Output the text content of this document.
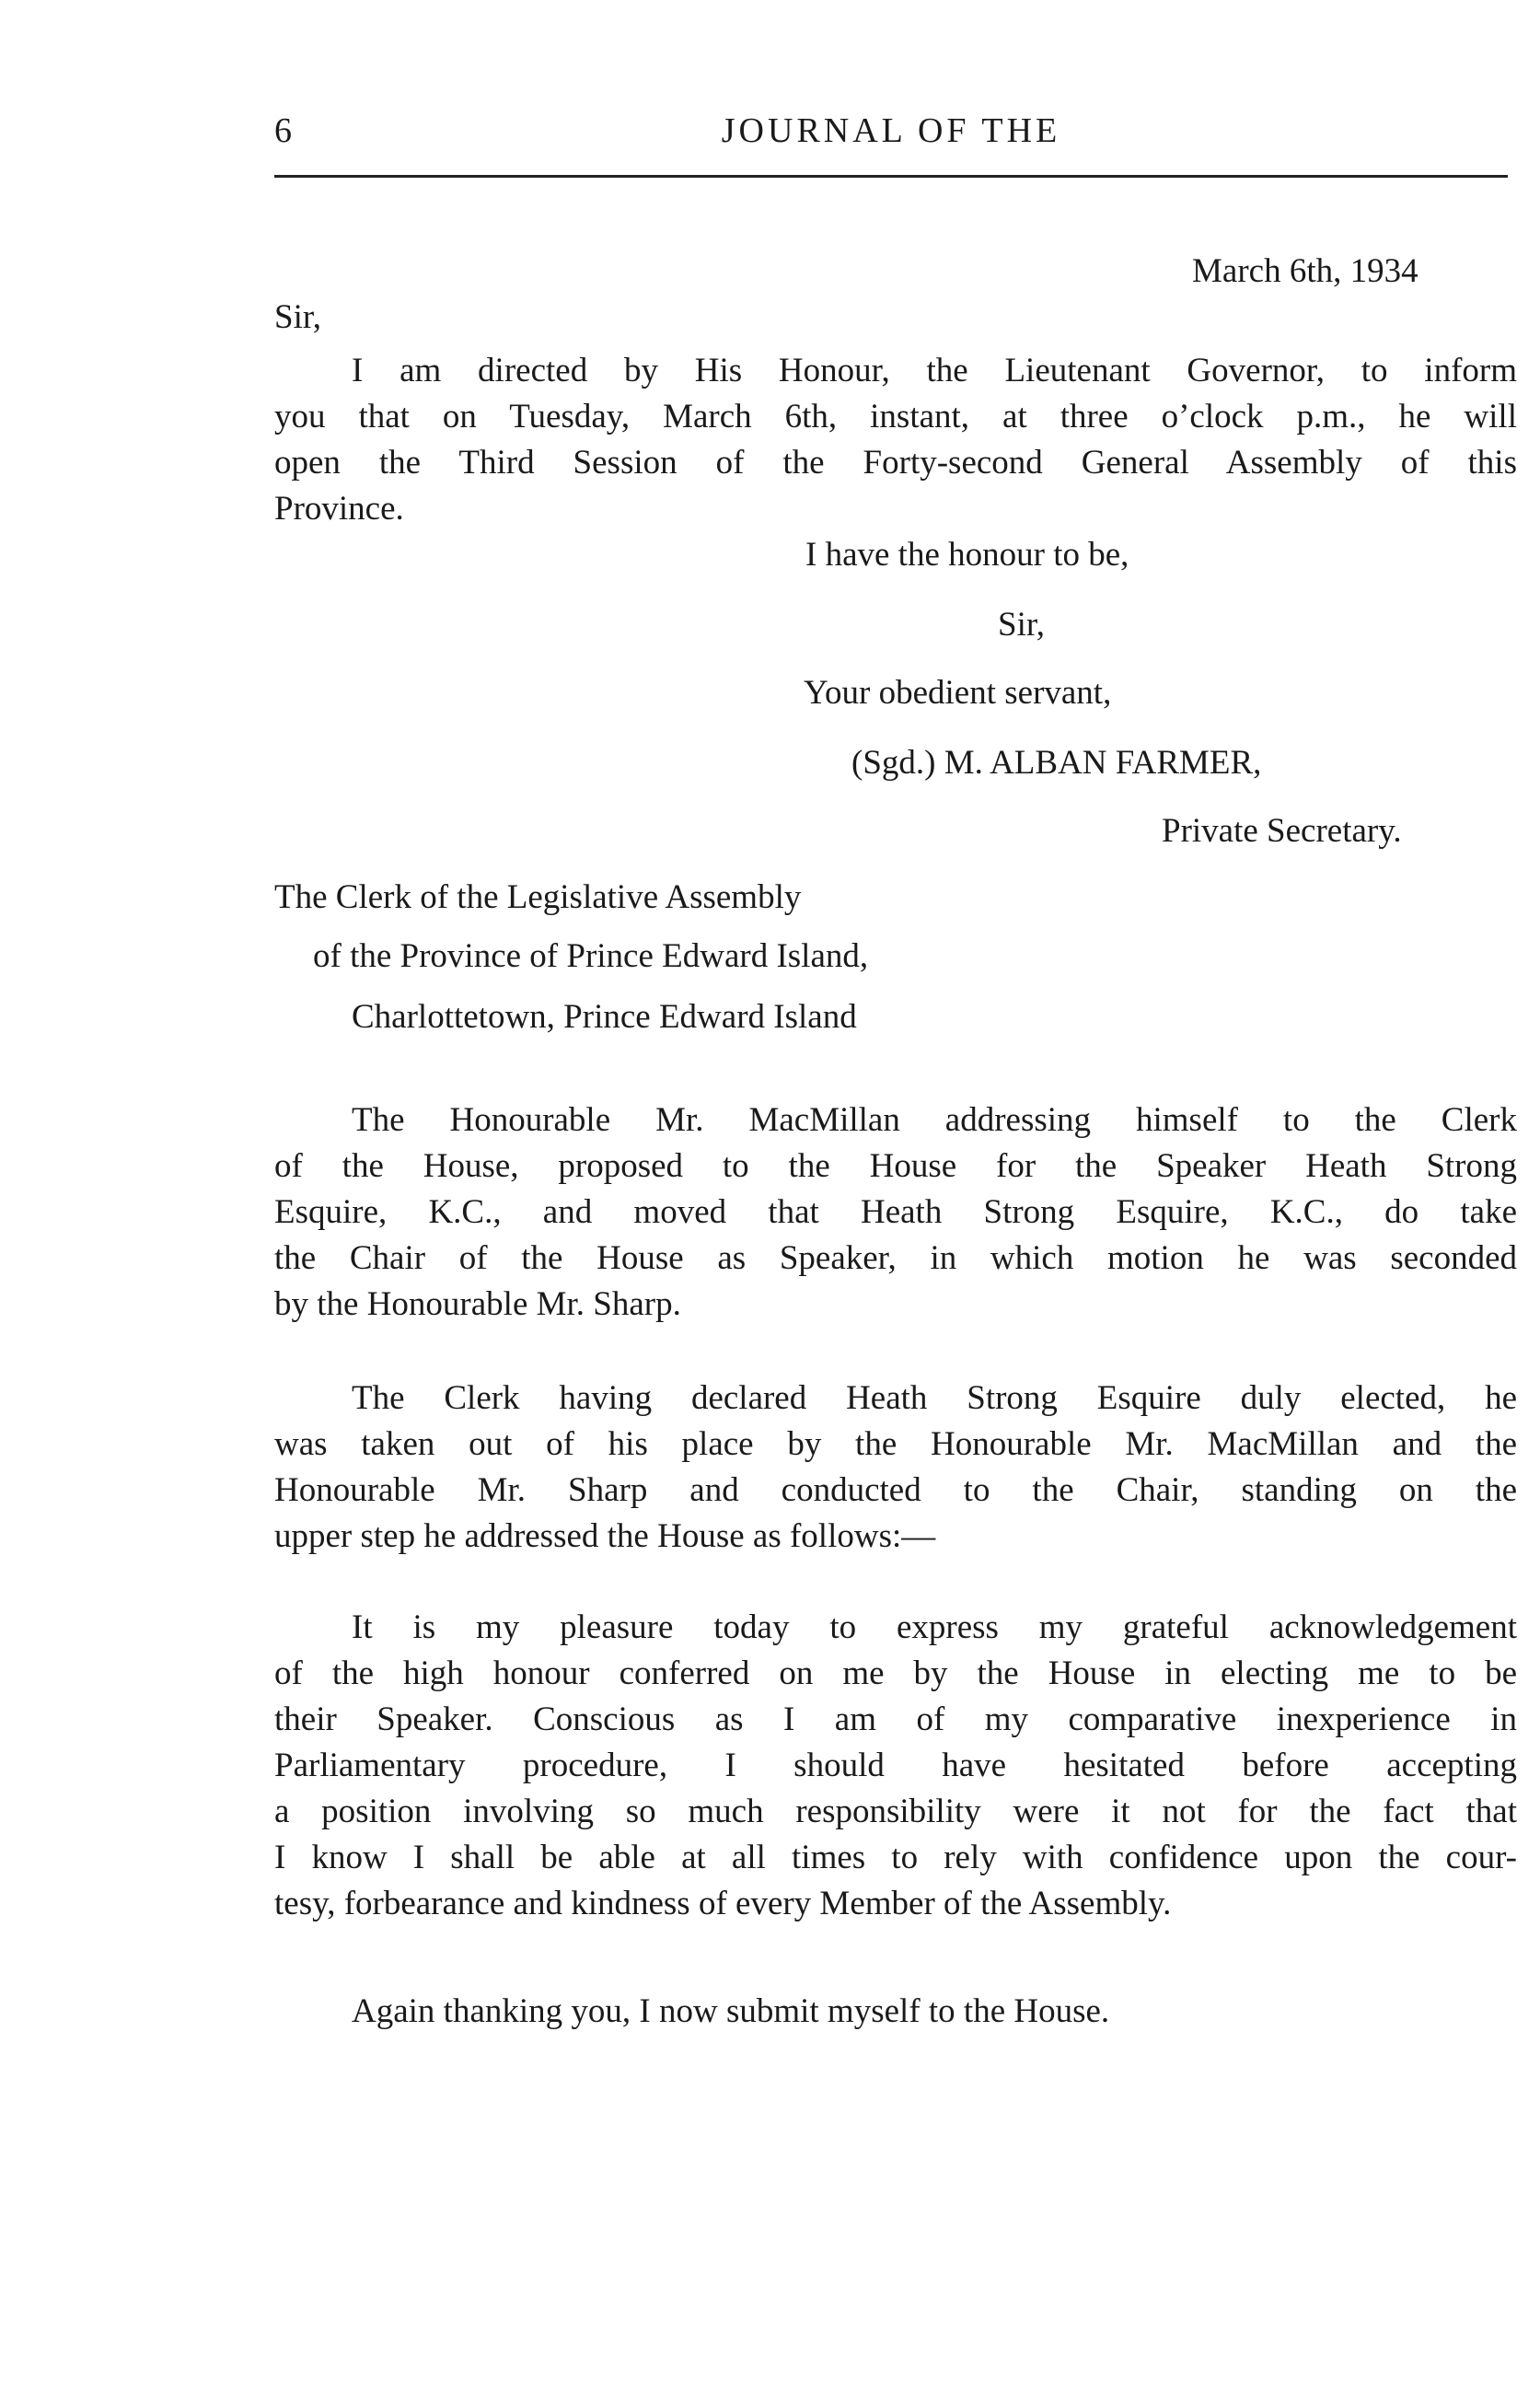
6	JOURNAL OF THE
March 6th, 1934
Sir,
I am directed by His Honour, the Lieutenant Governor, to inform
you that on Tuesday, March 6th, instant, at three o’clock p.m., he will
open the Third Session of the Forty-second General Assembly of this
Province.
I have the honour to be,
Sir,
Your obedient servant,
(Sgd.) M. ALBAN FARMER,
Private Secretary.
The Clerk of the Legislative Assembly
of the Province of Prince Edward Island,
Charlottetown, Prince Edward Island
The Honourable Mr. MacMillan addressing himself to the Clerk
of the House, proposed to the House for the Speaker Heath Strong
Esquire, K.C., and moved that Heath Strong Esquire, K.C., do take
the Chair of the House as Speaker, in which motion he was seconded
by the Honourable Mr. Sharp.
The Clerk having declared Heath Strong Esquire duly elected, he
was taken out of his place by the Honourable Mr. MacMillan and the
Honourable Mr. Sharp and conducted to the Chair, standing on the
upper step he addressed the House as follows:—
It is my pleasure today to express my grateful acknowledgement
of the high honour conferred on me by the House in electing me to be
their Speaker. Conscious as I am of my comparative inexperience in
Parliamentary procedure, I should have hesitated before accepting
a position involving so much responsibility were it not for the fact that
I know I shall be able at all times to rely with confidence upon the cour-
tesy, forbearance and kindness of every Member of the Assembly.
Again thanking you, I now submit myself to the House.
